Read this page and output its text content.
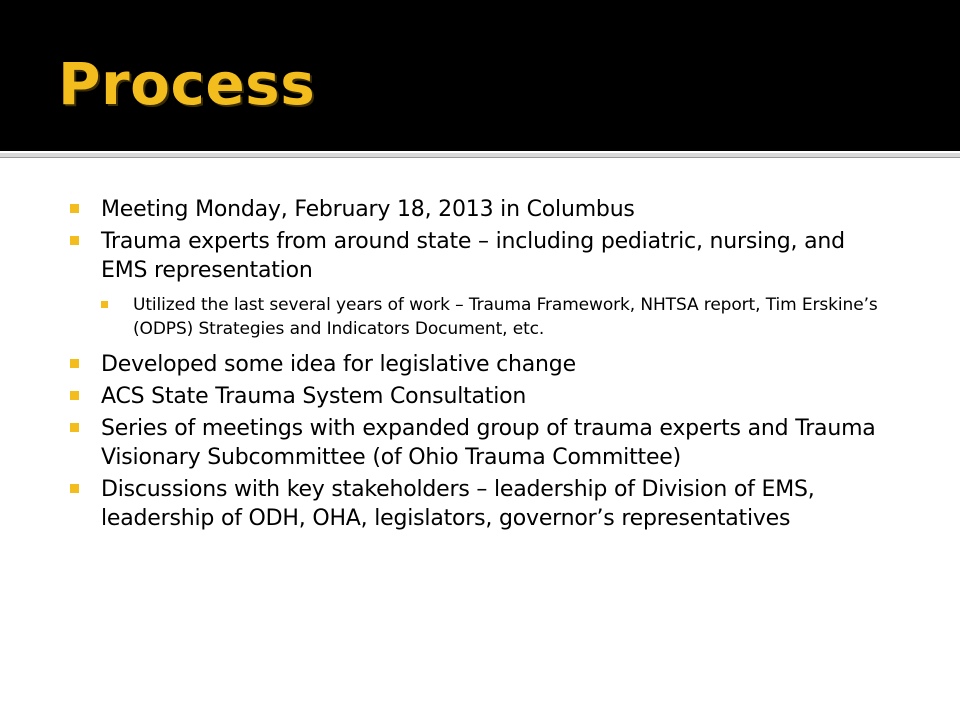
Process
Meeting Monday, February 18, 2013 in Columbus
Trauma experts from around state – including pediatric, nursing, and EMS representation
Utilized the last several years of work – Trauma Framework, NHTSA report, Tim Erskine’s (ODPS) Strategies and Indicators Document, etc.
Developed some idea for legislative change
ACS State Trauma System Consultation
Series of meetings with expanded group of trauma experts and Trauma Visionary Subcommittee (of Ohio Trauma Committee)
Discussions with key stakeholders – leadership of Division of EMS, leadership of ODH, OHA, legislators, governor’s representatives
